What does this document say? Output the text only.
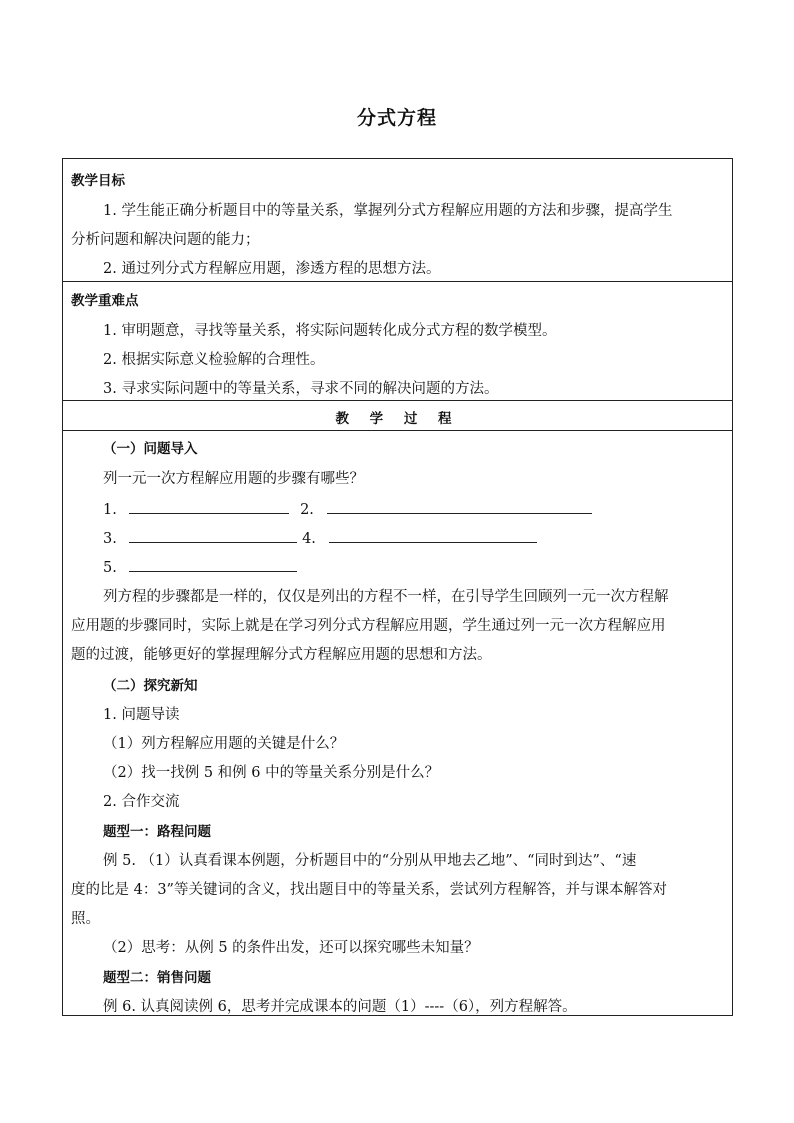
分式方程
教学目标
1. 学生能正确分析题目中的等量关系，掌握列分式方程解应用题的方法和步骤，提高学生
分析问题和解决问题的能力；
2. 通过列分式方程解应用题，渗透方程的思想方法。
教学重难点
1. 审明题意，寻找等量关系，将实际问题转化成分式方程的数学模型。
2. 根据实际意义检验解的合理性。
3. 寻求实际问题中的等量关系，寻求不同的解决问题的方法。
教 学 过 程
（一）问题导入
列一元一次方程解应用题的步骤有哪些？
1.	2.
3.	4.
5.
列方程的步骤都是一样的，仅仅是列出的方程不一样，在引导学生回顾列一元一次方程解
应用题的步骤同时，实际上就是在学习列分式方程解应用题，学生通过列一元一次方程解应用
题的过渡，能够更好的掌握理解分式方程解应用题的思想和方法。
（二）探究新知
1. 问题导读
（1）列方程解应用题的关键是什么？
（2）找一找例 5 和例 6 中的等量关系分别是什么？
2. 合作交流
题型一：路程问题
例 5. （1）认真看课本例题，分析题目中的“分别从甲地去乙地”、“同时到达”、“速
度的比是 4：3”等关键词的含义，找出题目中的等量关系，尝试列方程解答，并与课本解答对
照。
（2）思考：从例 5 的条件出发，还可以探究哪些未知量？
题型二：销售问题
例 6. 认真阅读例 6，思考并完成课本的问题（1）----（6），列方程解答。
